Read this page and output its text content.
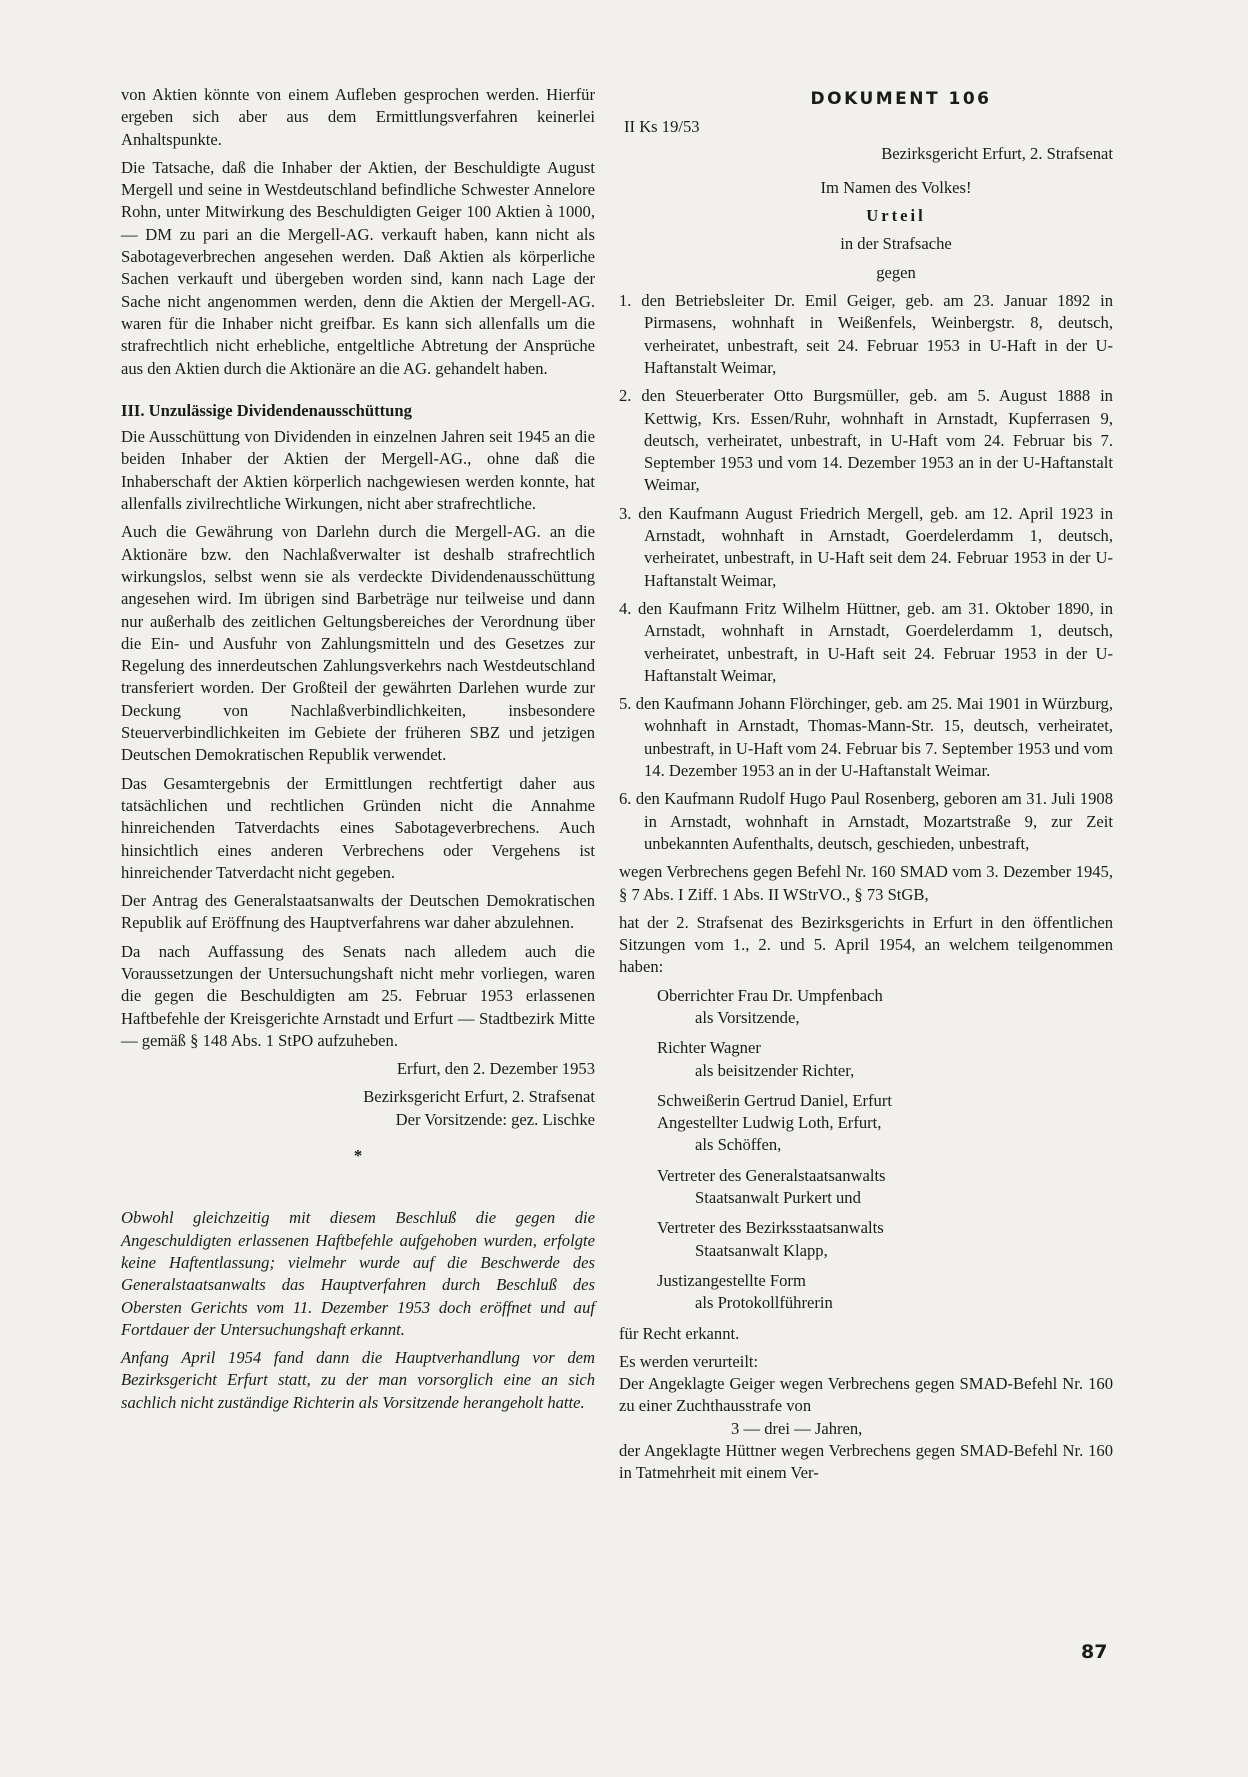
von Aktien könnte von einem Aufleben gesprochen werden. Hierfür ergeben sich aber aus dem Ermittlungsverfahren keinerlei Anhaltspunkte.

Die Tatsache, daß die Inhaber der Aktien, der Beschuldigte August Mergell und seine in Westdeutschland befindliche Schwester Annelore Rohn, unter Mitwirkung des Beschuldigten Geiger 100 Aktien à 1000,— DM zu pari an die Mergell-AG. verkauft haben, kann nicht als Sabotageverbrechen angesehen werden. Daß Aktien als körperliche Sachen verkauft und übergeben worden sind, kann nach Lage der Sache nicht angenommen werden, denn die Aktien der Mergell-AG. waren für die Inhaber nicht greifbar. Es kann sich allenfalls um die strafrechtlich nicht erhebliche, entgeltliche Abtretung der Ansprüche aus den Aktien durch die Aktionäre an die AG. gehandelt haben.

III. Unzulässige Dividendenausschüttung

Die Ausschüttung von Dividenden in einzelnen Jahren seit 1945 an die beiden Inhaber der Aktien der Mergell-AG., ohne daß die Inhaberschaft der Aktien körperlich nachgewiesen werden konnte, hat allenfalls zivilrechtliche Wirkungen, nicht aber strafrechtliche.

Auch die Gewährung von Darlehn durch die Mergell-AG. an die Aktionäre bzw. den Nachlaßverwalter ist deshalb strafrechtlich wirkungslos, selbst wenn sie als verdeckte Dividendenausschüttung angesehen wird. Im übrigen sind Barbeträge nur teilweise und dann nur außerhalb des zeitlichen Geltungsbereiches der Verordnung über die Ein- und Ausfuhr von Zahlungsmitteln und des Gesetzes zur Regelung des innerdeutschen Zahlungsverkehrs nach Westdeutschland transferiert worden. Der Großteil der gewährten Darlehen wurde zur Deckung von Nachlaßverbindlichkeiten, insbesondere Steuerverbindlichkeiten im Gebiete der früheren SBZ und jetzigen Deutschen Demokratischen Republik verwendet.

Das Gesamtergebnis der Ermittlungen rechtfertigt daher aus tatsächlichen und rechtlichen Gründen nicht die Annahme hinreichenden Tatverdachts eines Sabotageverbrechens. Auch hinsichtlich eines anderen Verbrechens oder Vergehens ist hinreichender Tatverdacht nicht gegeben.

Der Antrag des Generalstaatsanwalts der Deutschen Demokratischen Republik auf Eröffnung des Hauptverfahrens war daher abzulehnen.

Da nach Auffassung des Senats nach alledem auch die Voraussetzungen der Untersuchungshaft nicht mehr vorliegen, waren die gegen die Beschuldigten am 25. Februar 1953 erlassenen Haftbefehle der Kreisgerichte Arnstadt und Erfurt — Stadtbezirk Mitte — gemäß § 148 Abs. 1 StPO aufzuheben.

Erfurt, den 2. Dezember 1953

Bezirksgericht Erfurt, 2. Strafsenat

Der Vorsitzende: gez. Lischke

*

Obwohl gleichzeitig mit diesem Beschluß die gegen die Angeschuldigten erlassenen Haftbefehle aufgehoben wurden, erfolgte keine Haftentlassung; vielmehr wurde auf die Beschwerde des Generalstaatsanwalts das Hauptverfahren durch Beschluß des Obersten Gerichts vom 11. Dezember 1953 doch eröffnet und auf Fortdauer der Untersuchungshaft erkannt.

Anfang April 1954 fand dann die Hauptverhandlung vor dem Bezirksgericht Erfurt statt, zu der man vorsorglich eine an sich sachlich nicht zuständige Richterin als Vorsitzende herangeholt hatte.

DOKUMENT 106
II Ks 19/53
Bezirksgericht Erfurt, 2. Strafsenat
Im Namen des Volkes!
Urteil
in der Strafsache
gegen
1. den Betriebsleiter Dr. Emil Geiger, geb. am 23. Januar 1892 in Pirmasens, wohnhaft in Weißenfels, Weinbergstr. 8, deutsch, verheiratet, unbestraft, seit 24. Februar 1953 in U-Haft in der U-Haftanstalt Weimar,
2. den Steuerberater Otto Burgsmüller, geb. am 5. August 1888 in Kettwig, Krs. Essen/Ruhr, wohnhaft in Arnstadt, Kupferrasen 9, deutsch, verheiratet, unbestraft, in U-Haft vom 24. Februar bis 7. September 1953 und vom 14. Dezember 1953 an in der U-Haftanstalt Weimar,
3. den Kaufmann August Friedrich Mergell, geb. am 12. April 1923 in Arnstadt, wohnhaft in Arnstadt, Goerdelerdamm 1, deutsch, verheiratet, unbestraft, in U-Haft seit dem 24. Februar 1953 in der U-Haftanstalt Weimar,
4. den Kaufmann Fritz Wilhelm Hüttner, geb. am 31. Oktober 1890, in Arnstadt, wohnhaft in Arnstadt, Goerdelerdamm 1, deutsch, verheiratet, unbestraft, in U-Haft seit 24. Februar 1953 in der U-Haftanstalt Weimar,
5. den Kaufmann Johann Flörchinger, geb. am 25. Mai 1901 in Würzburg, wohnhaft in Arnstadt, Thomas-Mann-Str. 15, deutsch, verheiratet, unbestraft, in U-Haft vom 24. Februar bis 7. September 1953 und vom 14. Dezember 1953 an in der U-Haftanstalt Weimar.
6. den Kaufmann Rudolf Hugo Paul Rosenberg, geboren am 31. Juli 1908 in Arnstadt, wohnhaft in Arnstadt, Mozartstraße 9, zur Zeit unbekannten Aufenthalts, deutsch, geschieden, unbestraft,

wegen Verbrechens gegen Befehl Nr. 160 SMAD vom 3. Dezember 1945, § 7 Abs. I Ziff. 1 Abs. II WStrVO., § 73 StGB,

hat der 2. Strafsenat des Bezirksgerichts in Erfurt in den öffentlichen Sitzungen vom 1., 2. und 5. April 1954, an welchem teilgenommen haben:

Oberrichter Frau Dr. Umpfenbach
als Vorsitzende,

Richter Wagner
als beisitzender Richter,

Schweißerin Gertrud Daniel, Erfurt
Angestellter Ludwig Loth, Erfurt,
als Schöffen,

Vertreter des Generalstaatsanwalts
Staatsanwalt Purkert und

Vertreter des Bezirksstaatsanwalts
Staatsanwalt Klapp,

Justizangestellte Form
als Protokollführerin

für Recht erkannt.

Es werden verurteilt:

Der Angeklagte Geiger wegen Verbrechens gegen SMAD-Befehl Nr. 160 zu einer Zuchthausstrafe von

3 — drei — Jahren,

der Angeklagte Hüttner wegen Verbrechens gegen SMAD-Befehl Nr. 160 in Tatmehrheit mit einem Ver-

87
